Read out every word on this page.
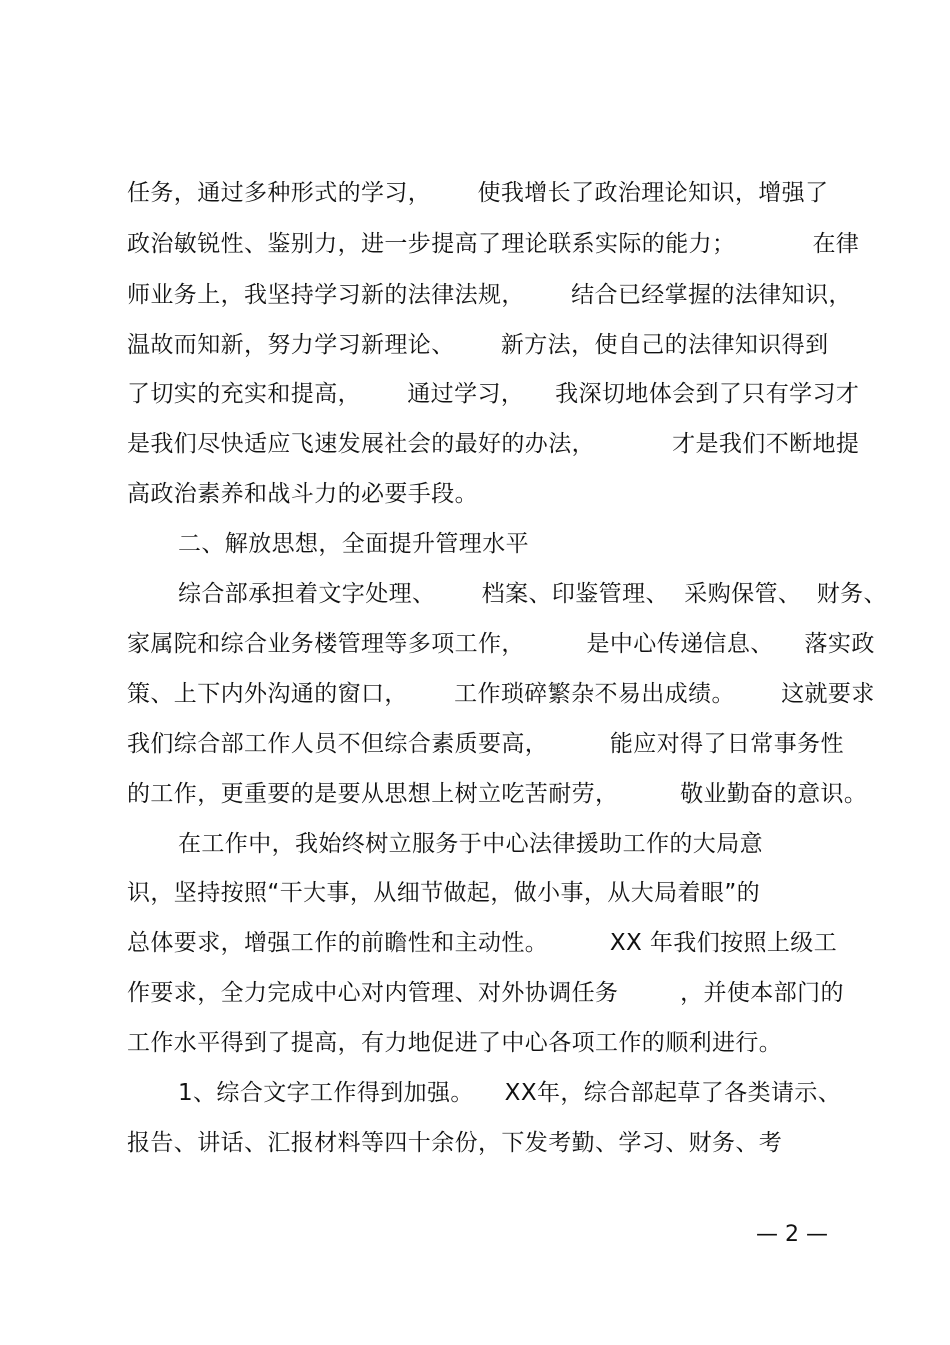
任务，通过多种形式的学习，      使我增长了政治理论知识，增强了
政治敏锐性、鉴别力，进一步提高了理论联系实际的能力；          在律
师业务上，我坚持学习新的法律法规，      结合已经掌握的法律知识，
温故而知新，努力学习新理论、      新方法，使自己的法律知识得到
了切实的充实和提高，      通过学习，    我深切地体会到了只有学习才
是我们尽快适应飞速发展社会的最好的办法，          才是我们不断地提
高政治素养和战斗力的必要手段。
二、解放思想，全面提升管理水平
综合部承担着文字处理、      档案、印鉴管理、  采购保管、  财务、
家属院和综合业务楼管理等多项工作，        是中心传递信息、    落实政
策、上下内外沟通的窗口，      工作琐碎繁杂不易出成绩。      这就要求
我们综合部工作人员不但综合素质要高，        能应对得了日常事务性
的工作，更重要的是要从思想上树立吃苦耐劳，        敬业勤奋的意识。
在工作中，我始终树立服务于中心法律援助工作的大局意
识，坚持按照“干大事，从细节做起，做小事，从大局着眼”的
总体要求，增强工作的前瞻性和主动性。        XX 年我们按照上级工
作要求，全力完成中心对内管理、对外协调任务        ，并使本部门的
工作水平得到了提高，有力地促进了中心各项工作的顺利进行。
1、综合文字工作得到加强。    XX年，综合部起草了各类请示、
报告、讲话、汇报材料等四十余份，下发考勤、学习、财务、考
— 2 —
